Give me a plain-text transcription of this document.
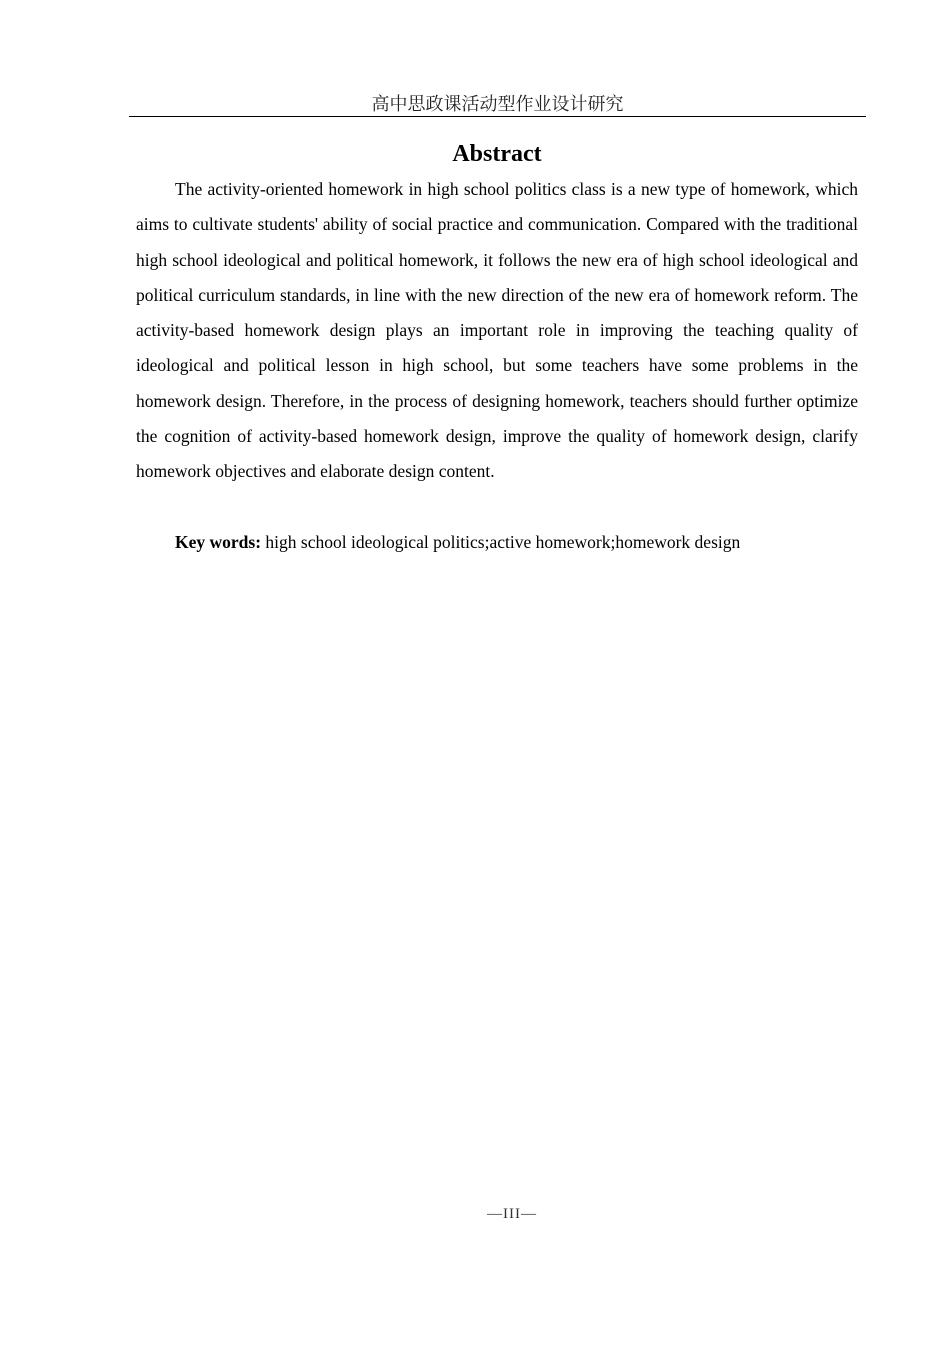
高中思政课活动型作业设计研究
Abstract

The activity-oriented homework in high school politics class is a new type of homework, which aims to cultivate students' ability of social practice and communication. Compared with the traditional high school ideological and political homework, it follows the new era of high school ideological and political curriculum standards, in line with the new direction of the new era of homework reform. The activity-based homework design plays an important role in improving the teaching quality of ideological and political lesson in high school, but some teachers have some problems in the homework design. Therefore, in the process of designing homework, teachers should further optimize the cognition of activity-based homework design, improve the quality of homework design, clarify homework objectives and elaborate design content.

Key words: high school ideological politics;active homework;homework design

—III—
